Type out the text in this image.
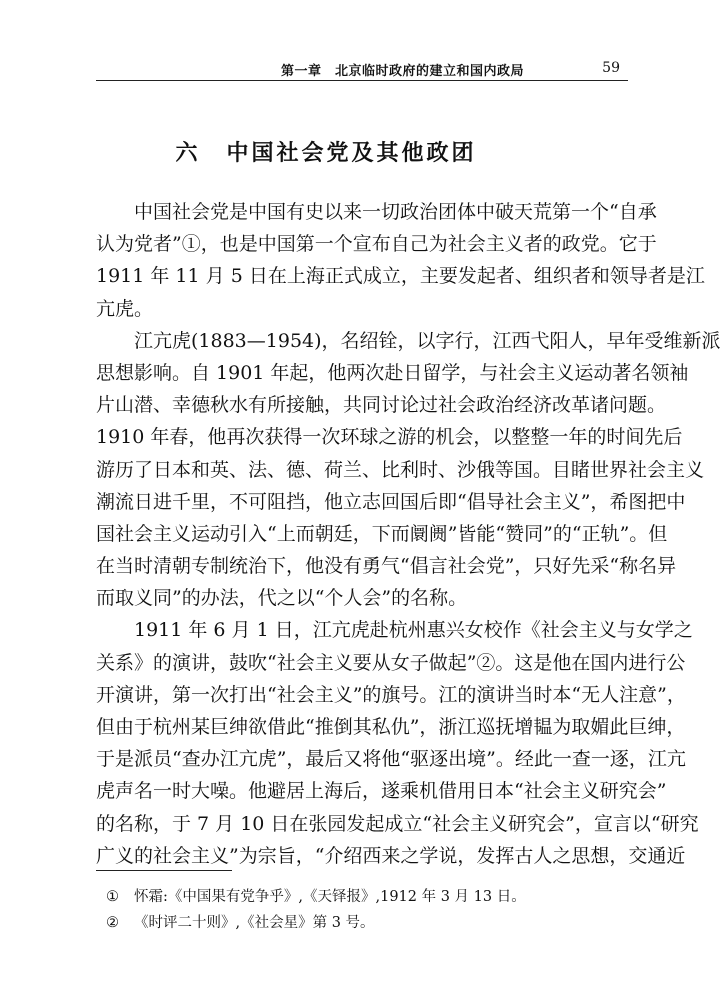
第一章　北京临时政府的建立和国内政局	59
六 中国社会党及其他政团
中国社会党是中国有史以来一切政治团体中破天荒第一个“自承
认为党者”①，也是中国第一个宣布自己为社会主义者的政党。它于
1911 年 11 月 5 日在上海正式成立，主要发起者、组织者和领导者是江
亢虎。
江亢虎(1883—1954)，名绍铨，以字行，江西弋阳人，早年受维新派
思想影响。自 1901 年起，他两次赴日留学，与社会主义运动著名领袖
片山潜、幸德秋水有所接触，共同讨论过社会政治经济改革诸问题。
1910 年春，他再次获得一次环球之游的机会，以整整一年的时间先后
游历了日本和英、法、德、荷兰、比利时、沙俄等国。目睹世界社会主义
潮流日进千里，不可阻挡，他立志回国后即“倡导社会主义”，希图把中
国社会主义运动引入“上而朝廷，下而阛阓”皆能“赞同”的“正轨”。但
在当时清朝专制统治下，他没有勇气“倡言社会党”，只好先采“称名异
而取义同”的办法，代之以“个人会”的名称。
1911 年 6 月 1 日，江亢虎赴杭州惠兴女校作《社会主义与女学之
关系》的演讲，鼓吹“社会主义要从女子做起”②。这是他在国内进行公
开演讲，第一次打出“社会主义”的旗号。江的演讲当时本“无人注意”，
但由于杭州某巨绅欲借此“推倒其私仇”，浙江巡抚增韫为取媚此巨绅，
于是派员“查办江亢虎”，最后又将他“驱逐出境”。经此一查一逐，江亢
虎声名一时大噪。他避居上海后，遂乘机借用日本“社会主义研究会”
的名称，于 7 月 10 日在张园发起成立“社会主义研究会”，宣言以“研究
广义的社会主义”为宗旨，“介绍西来之学说，发挥古人之思想，交通近
① 怀霜:《中国果有党争乎》,《天铎报》,1912 年 3 月 13 日。
② 《时评二十则》,《社会星》第 3 号。
